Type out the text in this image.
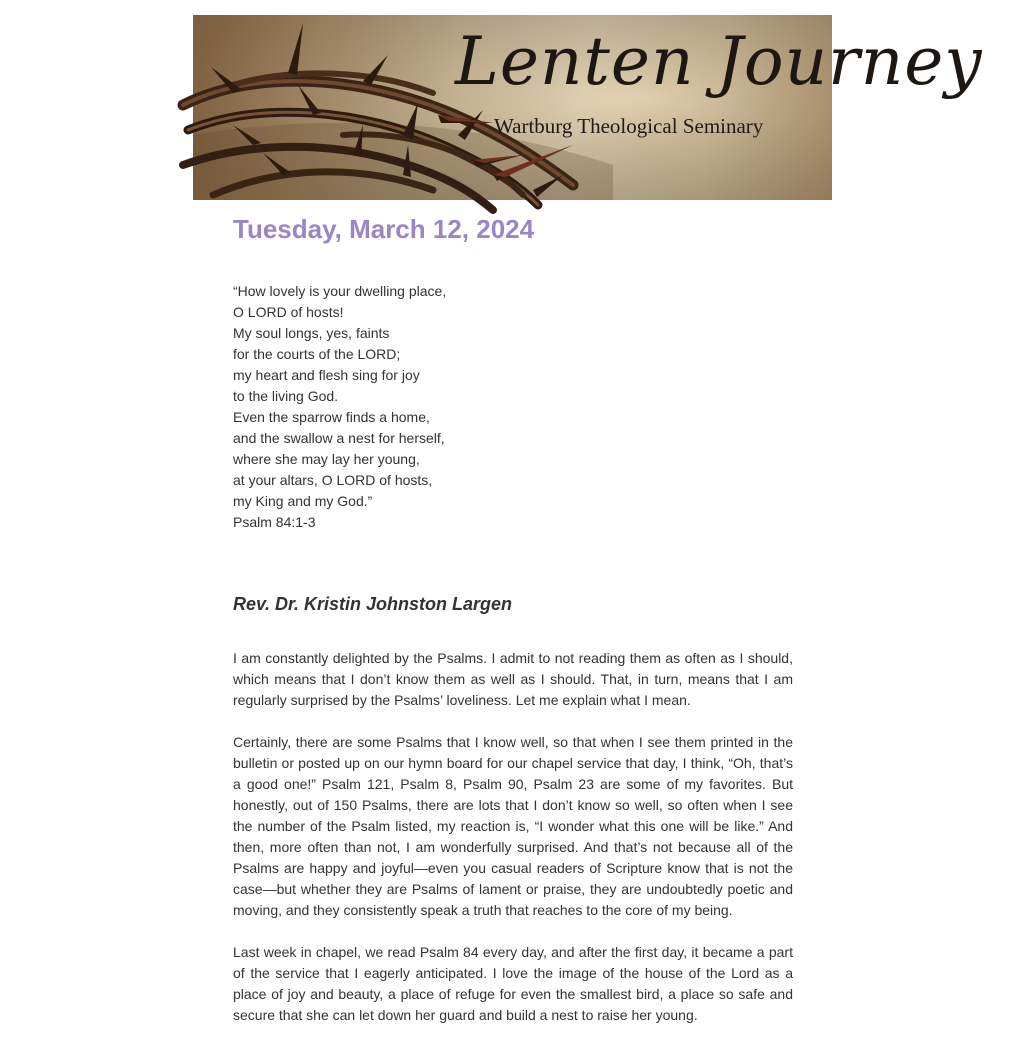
Lenten Journey
Wartburg Theological Seminary
Tuesday, March 12, 2024
“How lovely is your dwelling place,
O LORD of hosts!
My soul longs, yes, faints
for the courts of the LORD;
my heart and flesh sing for joy
to the living God.
Even the sparrow finds a home,
and the swallow a nest for herself,
where she may lay her young,
at your altars, O LORD of hosts,
my King and my God.”
Psalm 84:1-3
Rev. Dr. Kristin Johnston Largen

I am constantly delighted by the Psalms. I admit to not reading them as often as I should, which means that I don’t know them as well as I should. That, in turn, means that I am regularly surprised by the Psalms’ loveliness. Let me explain what I mean.

Certainly, there are some Psalms that I know well, so that when I see them printed in the bulletin or posted up on our hymn board for our chapel service that day, I think, “Oh, that’s a good one!” Psalm 121, Psalm 8, Psalm 90, Psalm 23 are some of my favorites. But honestly, out of 150 Psalms, there are lots that I don’t know so well, so often when I see the number of the Psalm listed, my reaction is, “I wonder what this one will be like.” And then, more often than not, I am wonderfully surprised. And that’s not because all of the Psalms are happy and joyful—even you casual readers of Scripture know that is not the case—but whether they are Psalms of lament or praise, they are undoubtedly poetic and moving, and they consistently speak a truth that reaches to the core of my being.

Last week in chapel, we read Psalm 84 every day, and after the first day, it became a part of the service that I eagerly anticipated. I love the image of the house of the Lord as a place of joy and beauty, a place of refuge for even the smallest bird, a place so safe and secure that she can let down her guard and build a nest to raise her young.
